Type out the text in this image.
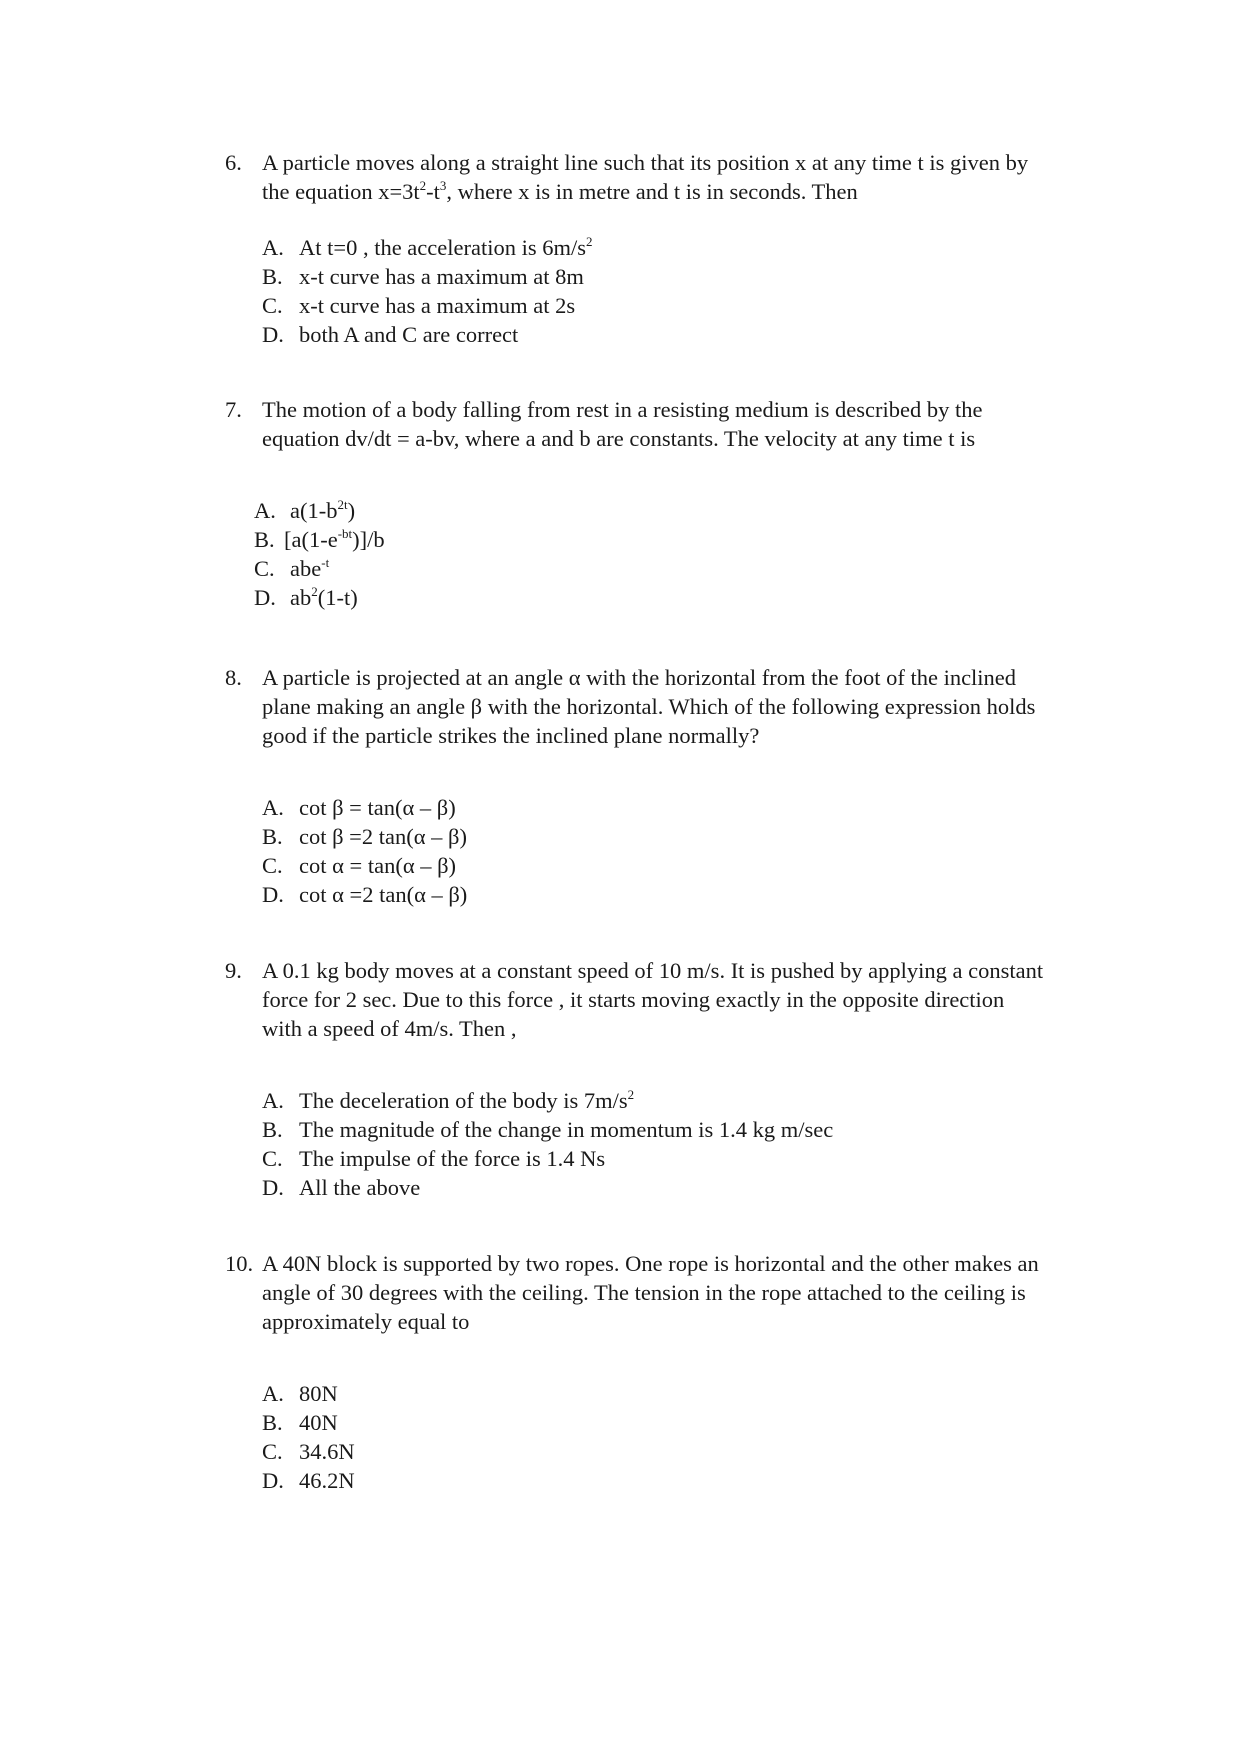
6. A particle moves along a straight line such that its position x at any time t is given by the equation $x=3t^2-t^3$, where x is in metre and t is in seconds. Then
A. At t=0 , the acceleration is $6m/s^2$
B. x-t curve has a maximum at 8m
C. x-t curve has a maximum at 2s
D. both A and C are correct
7. The motion of a body falling from rest in a resisting medium is described by the equation dv/dt = a-bv, where a and b are constants. The velocity at any time t is
A. $a(1-b^{2t})$
B. $[a(1-e^{-bt})]/b$
C. abe$^{-t}$
D. $ab^2(1-t)$
8. A particle is projected at an angle α with the horizontal from the foot of the inclined plane making an angle β with the horizontal. Which of the following expression holds good if the particle strikes the inclined plane normally?
A. cot β = tan(α – β)
B. cot β =2 tan(α – β)
C. cot α = tan(α – β)
D. cot α =2 tan(α – β)
9. A 0.1 kg body moves at a constant speed of 10 m/s. It is pushed by applying a constant force for 2 sec. Due to this force , it starts moving exactly in the opposite direction with a speed of 4m/s. Then ,
A. The deceleration of the body is $7m/s^2$
B. The magnitude of the change in momentum is 1.4 kg m/sec
C. The impulse of the force is 1.4 Ns
D. All the above
10. A 40N block is supported by two ropes. One rope is horizontal and the other makes an angle of 30 degrees with the ceiling. The tension in the rope attached to the ceiling is approximately equal to
A. 80N
B. 40N
C. 34.6N
D. 46.2N
